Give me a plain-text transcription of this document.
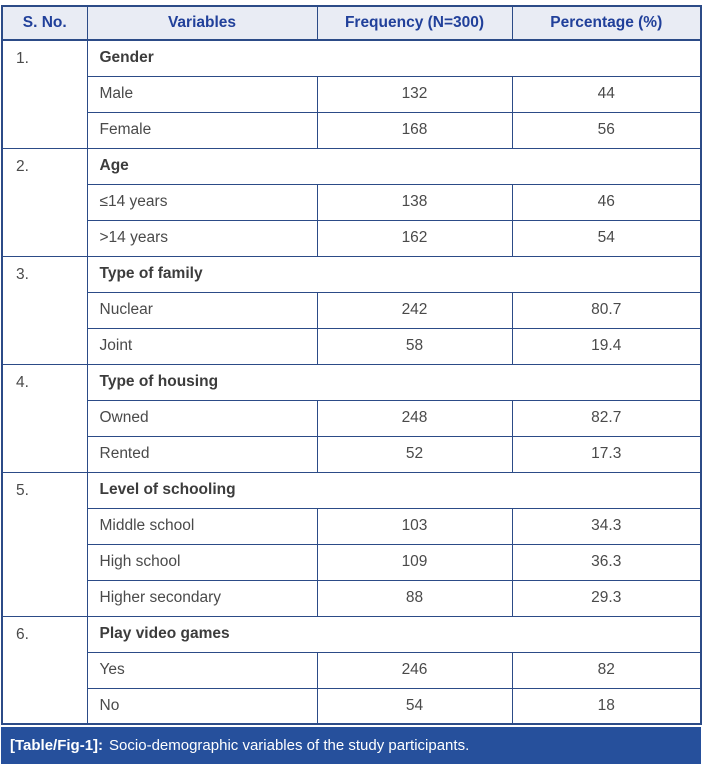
S. No.	Variables	Frequency (N=300)	Percentage (%)
1.	Gender		
	Male	132	44
	Female	168	56
2.	Age		
	≤14 years	138	46
	>14 years	162	54
3.	Type of family		
	Nuclear	242	80.7
	Joint	58	19.4
4.	Type of housing		
	Owned	248	82.7
	Rented	52	17.3
5.	Level of schooling		
	Middle school	103	34.3
	High school	109	36.3
	Higher secondary	88	29.3
6.	Play video games		
	Yes	246	82
	No	54	18
[Table/Fig-1]: Socio-demographic variables of the study participants.
